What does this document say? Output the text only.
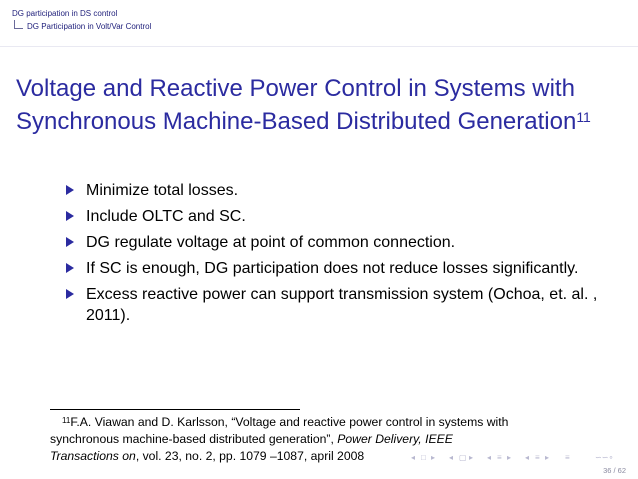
DG participation in DS control
DG Participation in Volt/Var Control
Voltage and Reactive Power Control in Systems with Synchronous Machine-Based Distributed Generation$^{11}$
Minimize total losses.
Include OLTC and SC.
DG regulate voltage at point of common connection.
If SC is enough, DG participation does not reduce losses significantly.
Excess reactive power can support transmission system (Ochoa, et. al. , 2011).
$^{11}$F.A. Viawan and D. Karlsson, “Voltage and reactive power control in systems with
synchronous machine-based distributed generation”, Power Delivery, IEEE
Transactions on, vol. 23, no. 2, pp. 1079 –1087, april 2008	◂ □ ▸ ◂ ▢ ▸ ◂ ≡ ▸ ◂ ≡ ▸ ≡	∽∽∘
36 / 62
